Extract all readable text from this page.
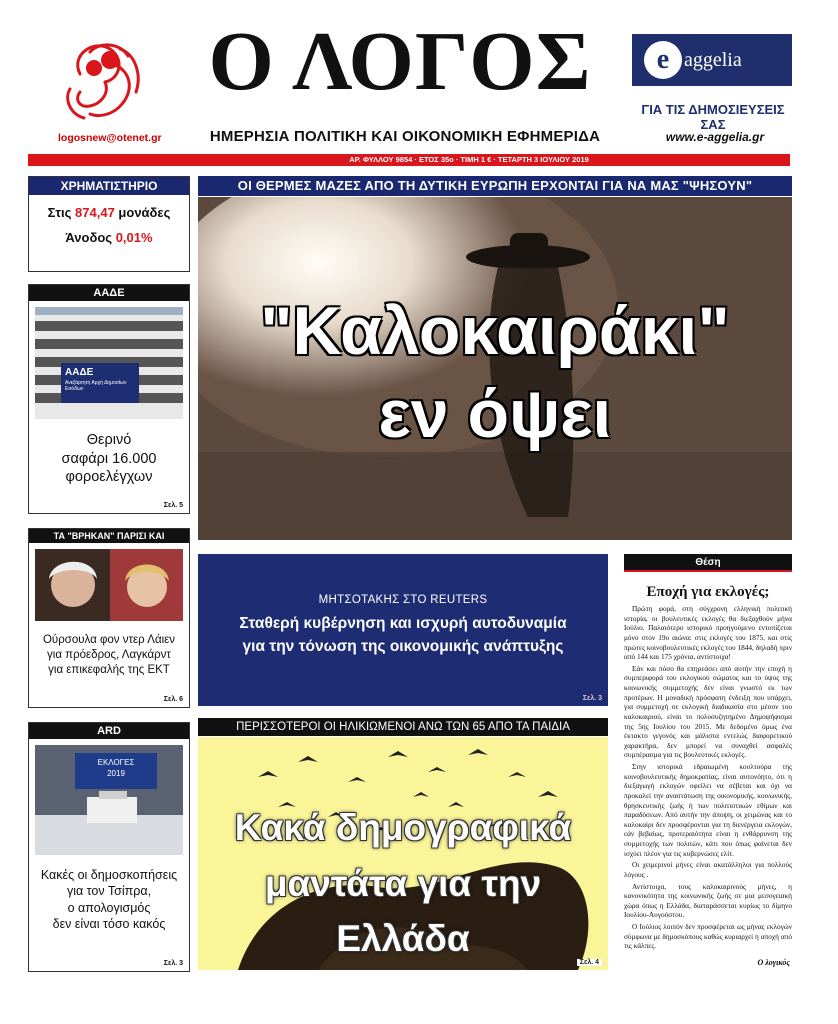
logosnew@otenet.gr
Ο ΛΟΓΟΣ
ΗΜΕΡΗΣΙΑ ΠΟΛΙΤΙΚΗ ΚΑΙ ΟΙΚΟΝΟΜΙΚΗ ΕΦΗΜΕΡΙΔΑ
e aggelia
ΓΙΑ ΤΙΣ ΔΗΜΟΣΙΕΥΣΕΙΣ ΣΑΣ
www.e-aggelia.gr
ΑΡ. ΦΥΛΛΟΥ 9854 · ΕΤΟΣ 35ο · ΤΙΜΗ 1 € · ΤΕΤΑΡΤΗ 3 ΙΟΥΛΙΟΥ 2019
ΧΡΗΜΑΤΙΣΤΗΡΙΟ
Στις 874,47 μονάδες
Άνοδος 0,01%
ΑΑΔΕ
ΑΑΔΕ
Ανεξάρτητη Αρχή Δημοσίων Εσόδων
Θερινό
σαφάρι 16.000
φοροελέγχων
Σελ. 5
ΤΑ "ΒΡΗΚΑΝ" ΠΑΡΙΣΙ ΚΑΙ
Ούρσουλα φον ντερ Λάιεν
για πρόεδρος, Λαγκάρντ
για επικεφαλής της ΕΚΤ
Σελ. 6
ARD
ΕΚΛΟΓΕΣ
2019
Κακές οι δημοσκοπήσεις
για τον Τσίπρα,
ο απολογισμός
δεν είναι τόσο κακός
Σελ. 3
ΟΙ ΘΕΡΜΕΣ ΜΑΖΕΣ ΑΠΟ ΤΗ ΔΥΤΙΚΗ ΕΥΡΩΠΗ ΕΡΧΟΝΤΑΙ ΓΙΑ ΝΑ ΜΑΣ "ΨΗΣΟΥΝ"
"Καλοκαιράκι"
εν όψει
ΜΗΤΣΟΤΑΚΗΣ ΣΤΟ REUTERS
Σταθερή κυβέρνηση και ισχυρή αυτοδυναμία
για την τόνωση της οικονομικής ανάπτυξης
Σελ. 3
ΠΕΡΙΣΣΟΤΕΡΟΙ ΟΙ ΗΛΙΚΙΩΜΕΝΟΙ ΑΝΩ ΤΩΝ 65 ΑΠΟ ΤΑ ΠΑΙΔΙΑ
Σελ. 4
Κακά δημογραφικά
μαντάτα για την Ελλάδα
Θέση
Εποχή για εκλογές;

Πρώτη φορά, στη σύγχρονη ελληνική πολιτική ιστορία, οι βουλευτικές εκλογές θα διεξαχθούν μήνα Ιούλιο. Παλαιότερο ιστορικό προηγούμενο εντοπίζεται μόνο στον 19ο αιώνα: στις εκλογές του 1875, και στις πρώτες κοινοβουλευτικές εκλογές του 1844, δηλαδή πριν από 144 και 175 χρόνια, αντίστοιχα!

Εάν και πόσο θα επηρεάσει από αυτήν την εποχή η συμπεριφορά του εκλογικού σώματος και το ύψος της κοινωνικής συμμετοχής δεν είναι γνωστό εκ των προτέρων. Η μοναδική πρόσφατη ένδειξη που υπάρχει, για συμμετοχή σε εκλογική διαδικασία στο μέσον του καλοκαιριού, είναι το πολυσυζητημένο Δημοψήφισμα της 5ης Ιουλίου του 2015. Με δεδομένο όμως ένα έκτακτο γεγονός και μάλιστα εντελώς διαφορετικού χαρακτήρα, δεν μπορεί να συναχθεί ασφαλές συμπέρασμα για τις βουλευτικές εκλογές.

Στην ιστορικά εδραιωμένη κουλτούρα της κοινοβουλευτικής δημοκρατίας, είναι αυτονόητο, ότι η διεξαγωγή εκλογών οφείλει να σέβεται και όχι να προκαλεί την αναστάτωση της οικονομικής, κοινωνικής, θρησκευτικής ζωής ή των πολιτιστικών εθίμων και παραδόσεων. Από αυτήν την άποψη, οι χειμώνας και το καλοκαίρι δεν προσφέρονται για τη διενέργεια εκλογών, εάν βεβαίως, προτεραιότητα είναι η ενθάρρυνση της συμμετοχής των πολιτών, κάτι που όπως φαίνεται δεν ισχύει πλέον για τις κυβερνώσες ελίτ.

Οι χειμερινοί μήνες είναι ακατάλληλοι για πολλούς λόγους .

Αντίστοιχα, τους καλοκαιρινούς μήνες, η κανονικότητα της κοινωνικής ζωής σε μια μεσογειακή χώρα όπως η Ελλάδα, διαταράσσεται κυρίως το δίμηνο Ιουλίου-Αυγούστου.

Ο Ιούλιος λοιπόν δεν προσφέρεται ως μήνας εκλογών σύμφωνα με δημοσκόπους καθώς κυριαρχεί η αποχή από τις κάλπες.

Ο λογικός
